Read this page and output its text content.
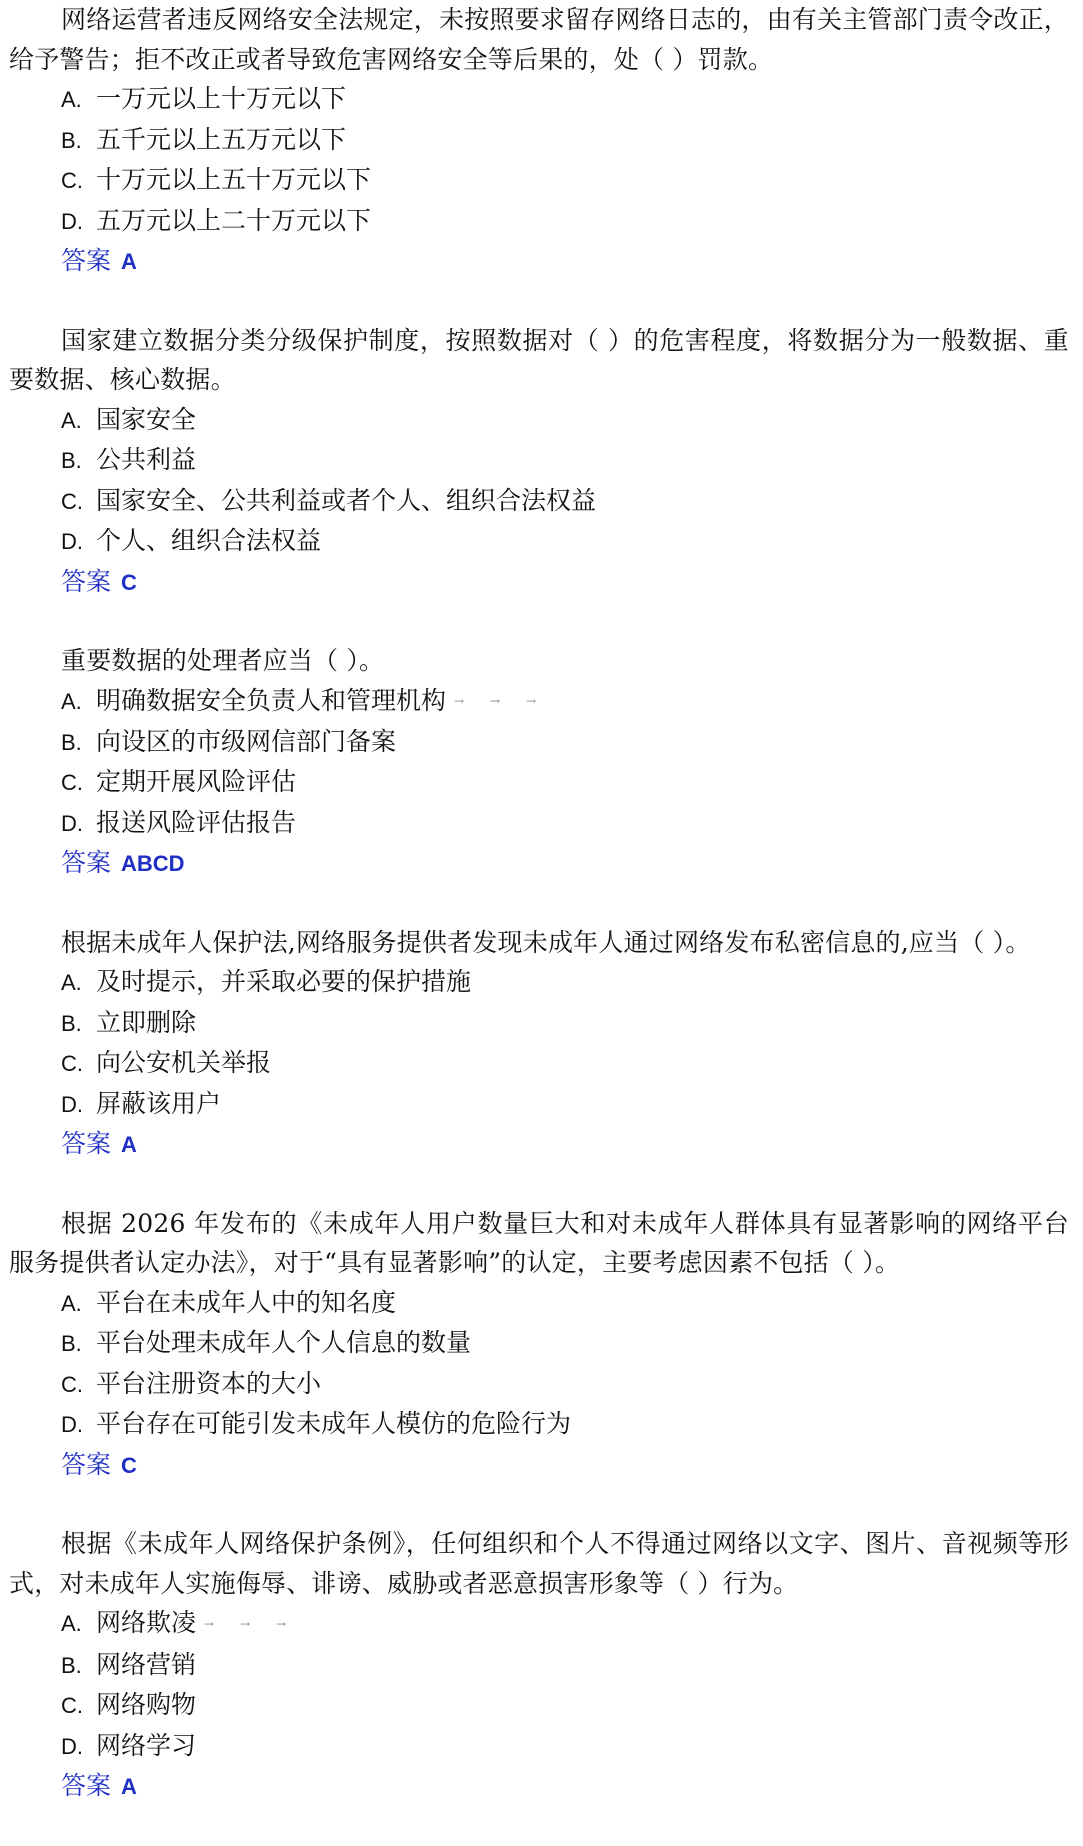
网络运营者违反网络安全法规定，未按照要求留存网络日志的，由有关主管部门责令改正，给予警告；拒不改正或者导致危害网络安全等后果的，处（ ）罚款。

A. 一万元以上十万元以下
B. 五千元以上五万元以下
C. 十万元以上五十万元以下
D. 五万元以上二十万元以下
答案 A

国家建立数据分类分级保护制度，按照数据对（ ）的危害程度，将数据分为一般数据、重要数据、核心数据。

A. 国家安全
B. 公共利益
C. 国家安全、公共利益或者个人、组织合法权益
D. 个人、组织合法权益
答案 C

重要数据的处理者应当（ ）。

A. 明确数据安全负责人和管理机构 → → →
B. 向设区的市级网信部门备案
C. 定期开展风险评估
D. 报送风险评估报告
答案 ABCD

根据未成年人保护法,网络服务提供者发现未成年人通过网络发布私密信息的,应当（ ）。

A. 及时提示，并采取必要的保护措施
B. 立即删除
C. 向公安机关举报
D. 屏蔽该用户
答案 A

根据 2026 年发布的《未成年人用户数量巨大和对未成年人群体具有显著影响的网络平台服务提供者认定办法》，对于“具有显著影响”的认定，主要考虑因素不包括（ ）。

A. 平台在未成年人中的知名度
B. 平台处理未成年人个人信息的数量
C. 平台注册资本的大小
D. 平台存在可能引发未成年人模仿的危险行为
答案 C

根据《未成年人网络保护条例》，任何组织和个人不得通过网络以文字、图片、音视频等形式，对未成年人实施侮辱、诽谤、威胁或者恶意损害形象等（ ）行为。

A. 网络欺凌 → → →
B. 网络营销
C. 网络购物
D. 网络学习
答案 A
